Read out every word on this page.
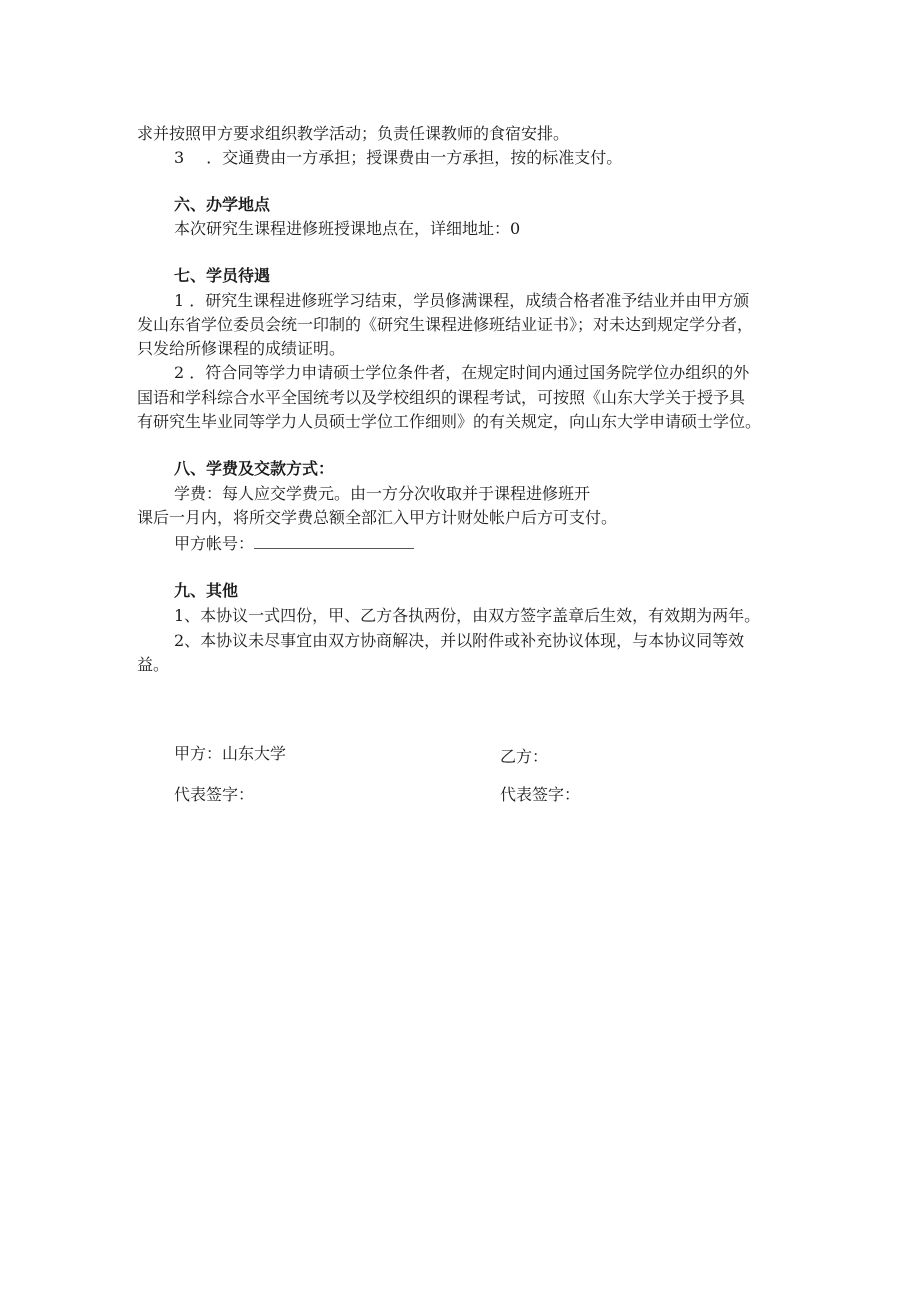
求并按照甲方要求组织教学活动；负责任课教师的食宿安排。
3 ．交通费由一方承担；授课费由一方承担，按的标准支付。
六、办学地点
本次研究生课程进修班授课地点在，详细地址：0
七、学员待遇
1 ．研究生课程进修班学习结束，学员修满课程，成绩合格者准予结业并由甲方颁
发山东省学位委员会统一印制的《研究生课程进修班结业证书》；对未达到规定学分者，
只发给所修课程的成绩证明。
2 ．符合同等学力申请硕士学位条件者，在规定时间内通过国务院学位办组织的外
国语和学科综合水平全国统考以及学校组织的课程考试，可按照《山东大学关于授予具
有研究生毕业同等学力人员硕士学位工作细则》的有关规定，向山东大学申请硕士学位。
八、学费及交款方式：
学费：每人应交学费元。由一方分次收取并于课程进修班开
课后一月内，将所交学费总额全部汇入甲方计财处帐户后方可支付。
甲方帐号：
九、其他
1、本协议一式四份，甲、乙方各执两份，由双方签字盖章后生效，有效期为两年。
2、本协议未尽事宜由双方协商解决，并以附件或补充协议体现，与本协议同等效
益。
甲方：山东大学	乙方：
代表签字：	代表签字：
